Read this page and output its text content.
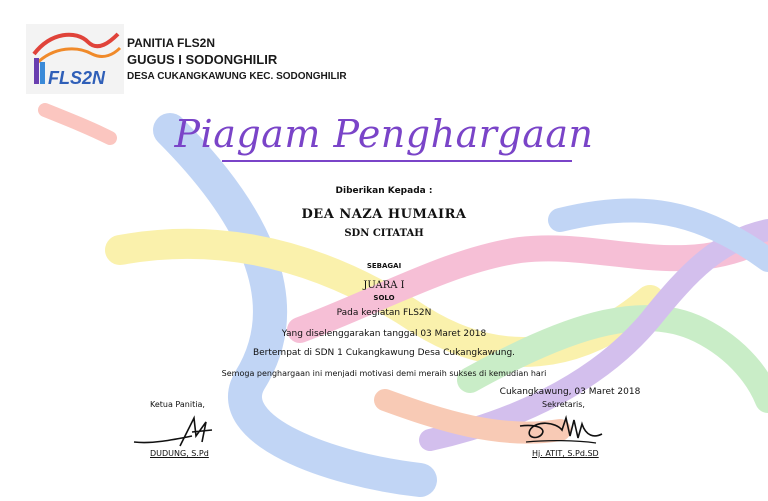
FLS2N
PANITIA FLS2N
GUGUS I SODONGHILIR
DESA CUKANGKAWUNG KEC. SODONGHILIR
Piagam Penghargaan
Diberikan Kepada :
DEA NAZA HUMAIRA
SDN CITATAH
SEBAGAI
JUARA I
SOLO
Pada kegiatan FLS2N
Yang diselenggarakan tanggal 03 Maret 2018
Bertempat di SDN 1 Cukangkawung Desa Cukangkawung.
Semoga penghargaan ini menjadi motivasi demi meraih sukses di kemudian hari
Cukangkawung, 03 Maret 2018
Ketua Panitia,	Sekretaris,
DUDUNG, S.Pd	Hj. ATIT, S.Pd.SD
